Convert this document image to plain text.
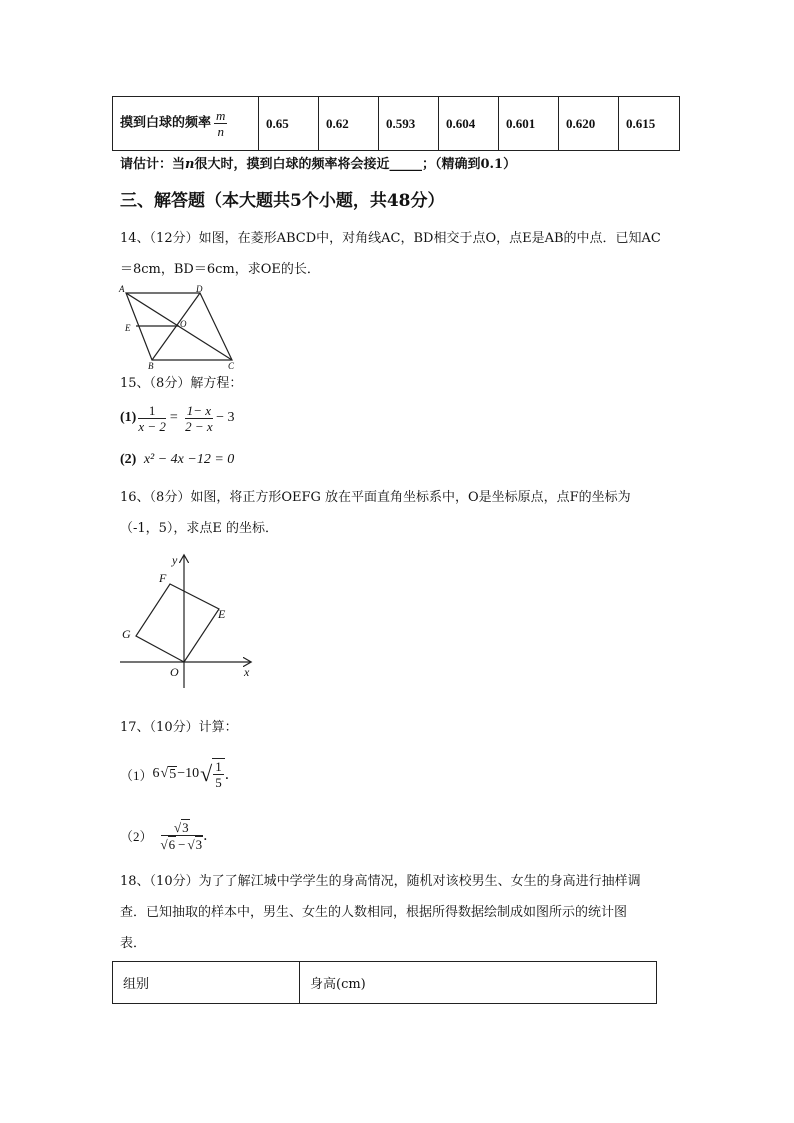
摸到白球的频率 $\frac{m}{n}$	0.65	0.62	0.593	0.604	0.601	0.620	0.615
请估计：当n很大时，摸到白球的频率将会接近_____；（精确到0.1）
三、解答题（本大题共5个小题，共48分）
14、（12分）如图，在菱形ABCD中，对角线AC，BD相交于点O，点E是AB的中点．已知AC
＝8cm，BD＝6cm，求OE的长．
A	D
E	O
B	C
15、（8分）解方程：
$(1) \frac{1}{x - 2} = \frac{1- x}{2 - x} - 3$
(2) x² − 4x −12 = 0
16、（8分）如图，将正方形OEFG 放在平面直角坐标系中，O是坐标原点，点F的坐标为
（-1，5），求点E 的坐标．
y
x
F
E
G
O
17、（10分）计算：
（1） 6 √ 5 −10 √ $\frac{1}{5}$ ．
$(2) \frac{√3}{√6 - √3}$ ．
18、（10分）为了了解江城中学学生的身高情况，随机对该校男生、女生的身高进行抽样调
查．已知抽取的样本中，男生、女生的人数相同，根据所得数据绘制成如图所示的统计图
表．
组别	身高(cm)
